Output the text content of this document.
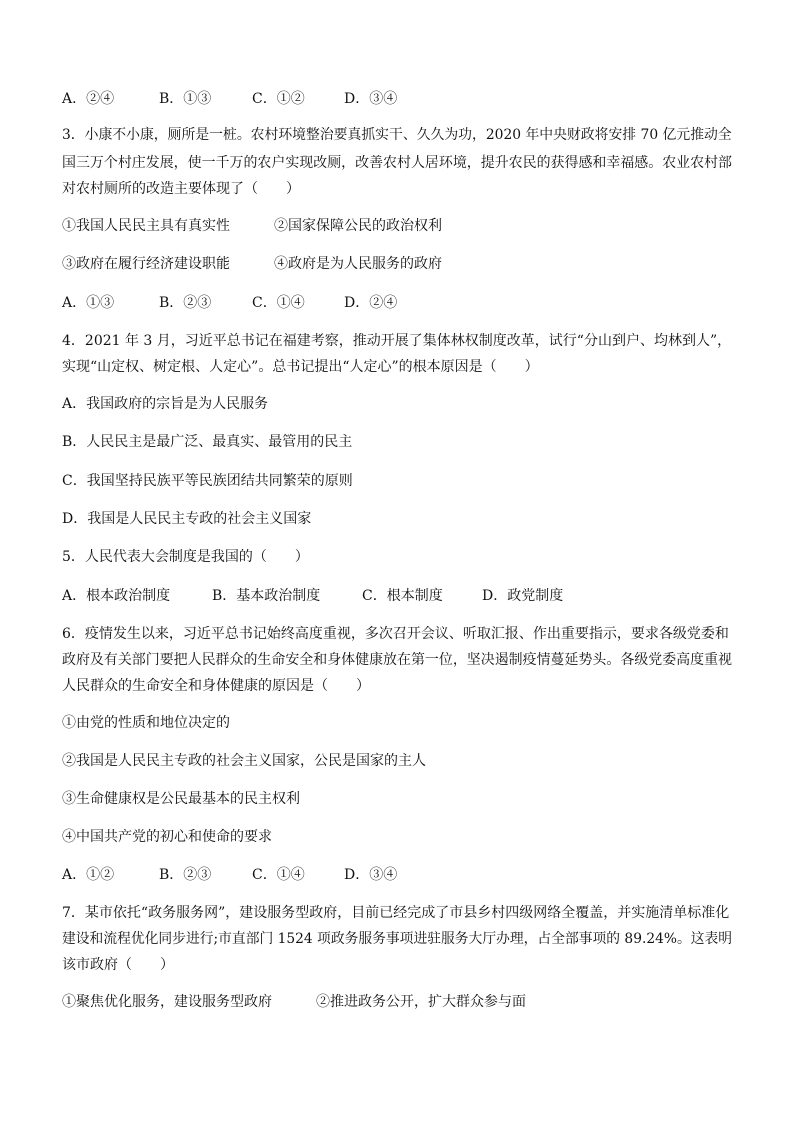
A．②④	B．①③	C．①②	D．③④
3．小康不小康，厕所是一桩。农村环境整治要真抓实干、久久为功，2020 年中央财政将安排 70 亿元推动全
国三万个村庄发展，使一千万的农户实现改厕，改善农村人居环境，提升农民的获得感和幸福感。农业农村部
对农村厕所的改造主要体现了（　　）
①我国人民民主具有真实性	②国家保障公民的政治权利
③政府在履行经济建设职能	④政府是为人民服务的政府
A．①③	B．②③	C．①④	D．②④
4．2021 年 3 月，习近平总书记在福建考察，推动开展了集体林权制度改革，试行“分山到户、均林到人”，
实现“山定权、树定根、人定心”。总书记提出“人定心”的根本原因是（　　）
A．我国政府的宗旨是为人民服务
B．人民民主是最广泛、最真实、最管用的民主
C．我国坚持民族平等民族团结共同繁荣的原则
D．我国是人民民主专政的社会主义国家
5．人民代表大会制度是我国的（　　）
A．根本政治制度	B．基本政治制度	C．根本制度	D．政党制度
6．疫情发生以来，习近平总书记始终高度重视，多次召开会议、听取汇报、作出重要指示，要求各级党委和
政府及有关部门要把人民群众的生命安全和身体健康放在第一位，坚决遏制疫情蔓延势头。各级党委高度重视
人民群众的生命安全和身体健康的原因是（　　）
①由党的性质和地位决定的
②我国是人民民主专政的社会主义国家，公民是国家的主人
③生命健康权是公民最基本的民主权利
④中国共产党的初心和使命的要求
A．①②	B．②③	C．①④	D．③④
7．某市依托“政务服务网”，建设服务型政府，目前已经完成了市县乡村四级网络全覆盖，并实施清单标准化
建设和流程优化同步进行;市直部门 1524 项政务服务事项进驻服务大厅办理，占全部事项的 89.24%。这表明
该市政府（　　）
①聚焦优化服务，建设服务型政府	②推进政务公开，扩大群众参与面
